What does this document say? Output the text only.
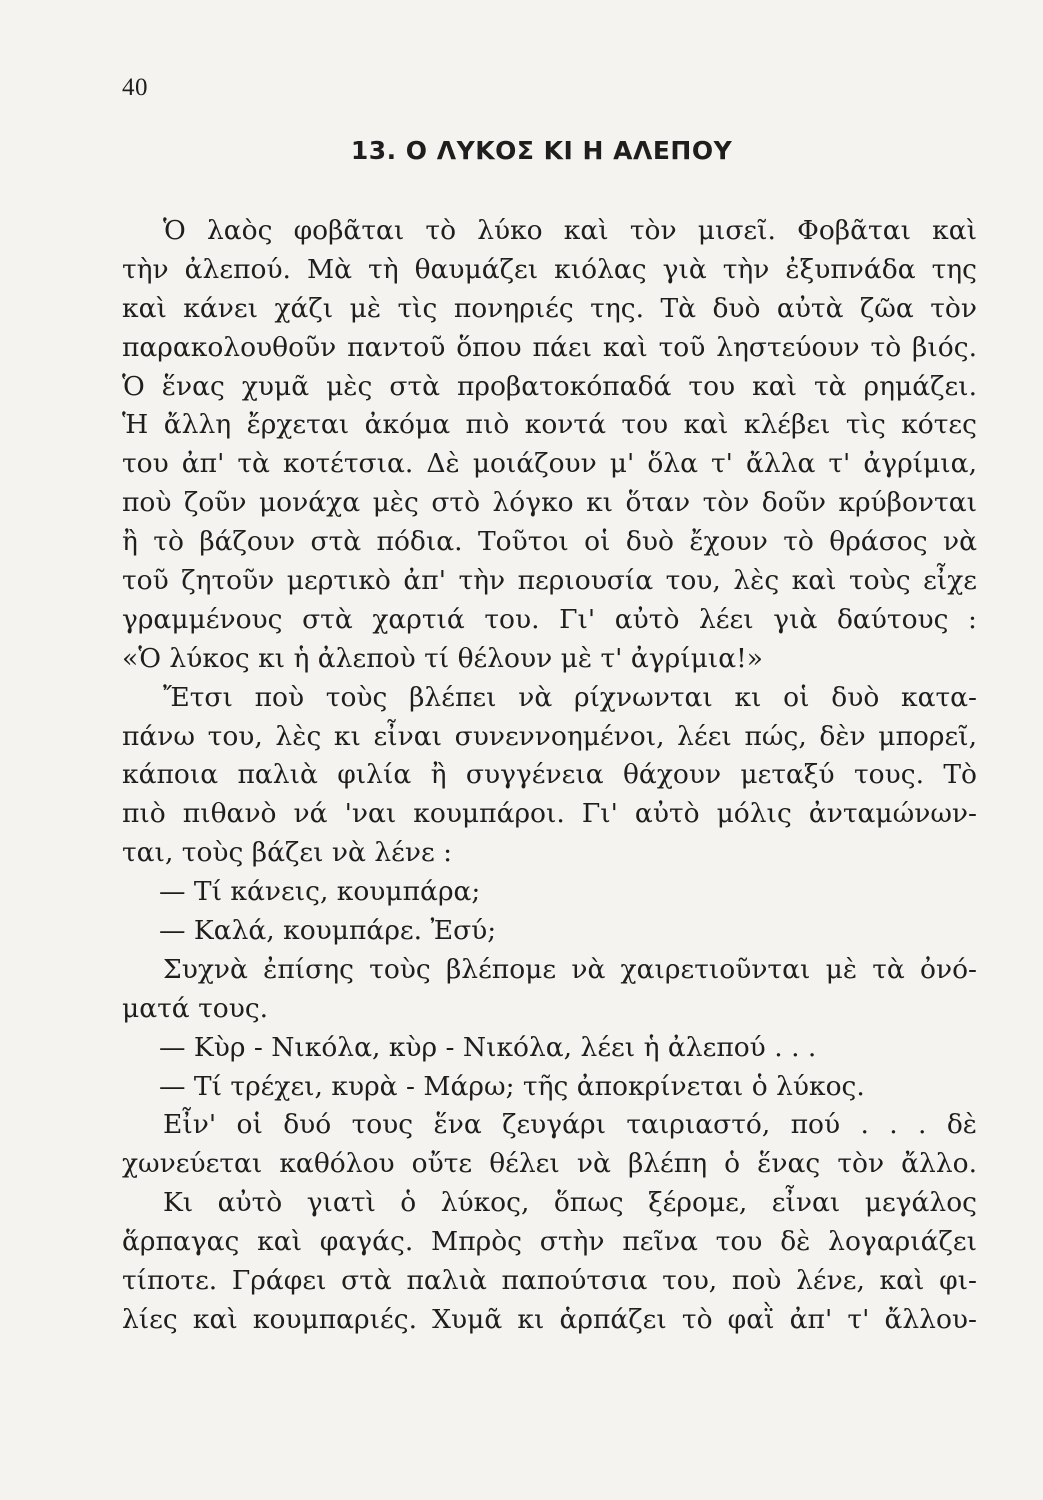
40
13. Ο ΛΥΚΟΣ ΚΙ Η ΑΛΕΠΟΥ
Ὁ λαὸς φοβᾶται τὸ λύκο καὶ τὸν μισεῖ. Φοβᾶται καὶ
τὴν ἀλεπού. Μὰ τὴ θαυμάζει κιόλας γιὰ τὴν ἐξυπνάδα της
καὶ κάνει χάζι μὲ τὶς πονηριές της. Τὰ δυὸ αὐτὰ ζῶα τὸν
παρακολουθοῦν παντοῦ ὅπου πάει καὶ τοῦ ληστεύουν τὸ βιός.
Ὁ ἕνας χυμᾶ μὲς στὰ προβατοκόπαδά του καὶ τὰ ρημάζει.
Ἡ ἄλλη ἔρχεται ἀκόμα πιὸ κοντά του καὶ κλέβει τὶς κότες
του ἀπ' τὰ κοτέτσια. Δὲ μοιάζουν μ' ὅλα τ' ἄλλα τ' ἀγρίμια,
ποὺ ζοῦν μονάχα μὲς στὸ λόγκο κι ὅταν τὸν δοῦν κρύβονται
ἢ τὸ βάζουν στὰ πόδια. Τοῦτοι οἱ δυὸ ἔχουν τὸ θράσος νὰ
τοῦ ζητοῦν μερτικὸ ἀπ' τὴν περιουσία του, λὲς καὶ τοὺς εἶχε
γραμμένους στὰ χαρτιά του. Γι' αὐτὸ λέει γιὰ δαύτους :
«Ὁ λύκος κι ἡ ἀλεποὺ τί θέλουν μὲ τ' ἀγρίμια!»
Ἔτσι ποὺ τοὺς βλέπει νὰ ρίχνωνται κι οἱ δυὸ κατα-
πάνω του, λὲς κι εἶναι συνεννοημένοι, λέει πώς, δὲν μπορεῖ,
κάποια παλιὰ φιλία ἢ συγγένεια θάχουν μεταξύ τους. Τὸ
πιὸ πιθανὸ νά 'ναι κουμπάροι. Γι' αὐτὸ μόλις ἀνταμώνων-
ται, τοὺς βάζει νὰ λένε :
— Τί κάνεις, κουμπάρα;
— Καλά, κουμπάρε. Ἐσύ;
Συχνὰ ἐπίσης τοὺς βλέπομε νὰ χαιρετιοῦνται μὲ τὰ ὀνό-
ματά τους.
— Κὺρ - Νικόλα, κὺρ - Νικόλα, λέει ἡ ἀλεπού . . .
— Τί τρέχει, κυρὰ - Μάρω; τῆς ἀποκρίνεται ὁ λύκος.
Εἶν' οἱ δυό τους ἕνα ζευγάρι ταιριαστό, πού . . . δὲ
χωνεύεται καθόλου οὔτε θέλει νὰ βλέπη ὁ ἕνας τὸν ἄλλο.
Κι αὐτὸ γιατὶ ὁ λύκος, ὅπως ξέρομε, εἶναι μεγάλος
ἅρπαγας καὶ φαγάς. Μπρὸς στὴν πεῖνα του δὲ λογαριάζει
τίποτε. Γράφει στὰ παλιὰ παπούτσια του, ποὺ λένε, καὶ φι-
λίες καὶ κουμπαριές. Χυμᾶ κι ἁρπάζει τὸ φαῒ ἀπ' τ' ἄλλου-
